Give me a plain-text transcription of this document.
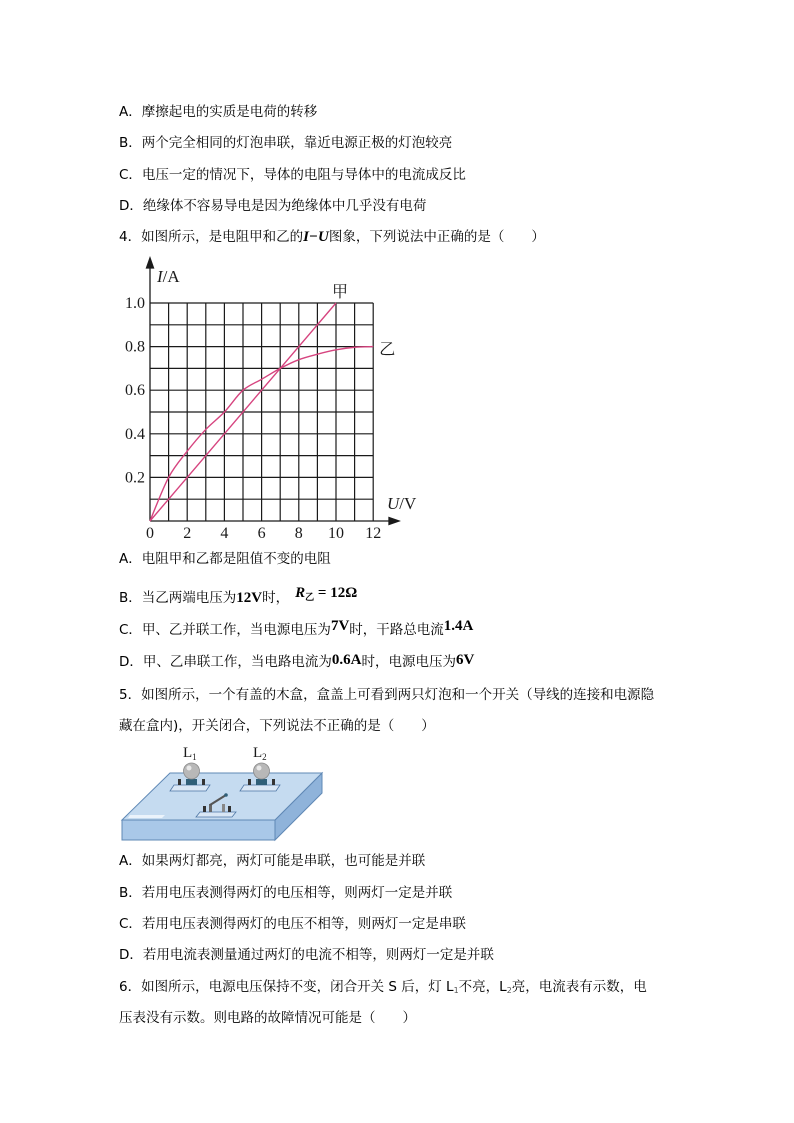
A．摩擦起电的实质是电荷的转移
B．两个完全相同的灯泡串联，靠近电源正极的灯泡较亮
C．电压一定的情况下，导体的电阻与导体中的电流成反比
D．绝缘体不容易导电是因为绝缘体中几乎没有电荷
4．如图所示，是电阻甲和乙的I−U图象，下列说法中正确的是（　　）
0 2 4 6 8 10 12
0.2
0.4
0.6
0.8
1.0
I/A
U/V
甲
乙
A．电阻甲和乙都是阻值不变的电阻
B．当乙两端电压为12V时， $R_乙 = 12\Omega$
C．甲、乙并联工作，当电源电压为7V时，干路总电流1.4A
D．甲、乙串联工作，当电路电流为0.6A时，电源电压为6V
5．如图所示，一个有盖的木盒，盒盖上可看到两只灯泡和一个开关（导线的连接和电源隐
藏在盒内)，开关闭合，下列说法不正确的是（　　）
$L_1$	$L_2$
A．如果两灯都亮，两灯可能是串联，也可能是并联
B．若用电压表测得两灯的电压相等，则两灯一定是并联
C．若用电压表测得两灯的电压不相等，则两灯一定是串联
D．若用电流表测量通过两灯的电流不相等，则两灯一定是并联
6．如图所示，电源电压保持不变，闭合开关 S 后，灯 $L_1$不亮，$L_2$亮，电流表有示数，电
压表没有示数。则电路的故障情况可能是（　　）
